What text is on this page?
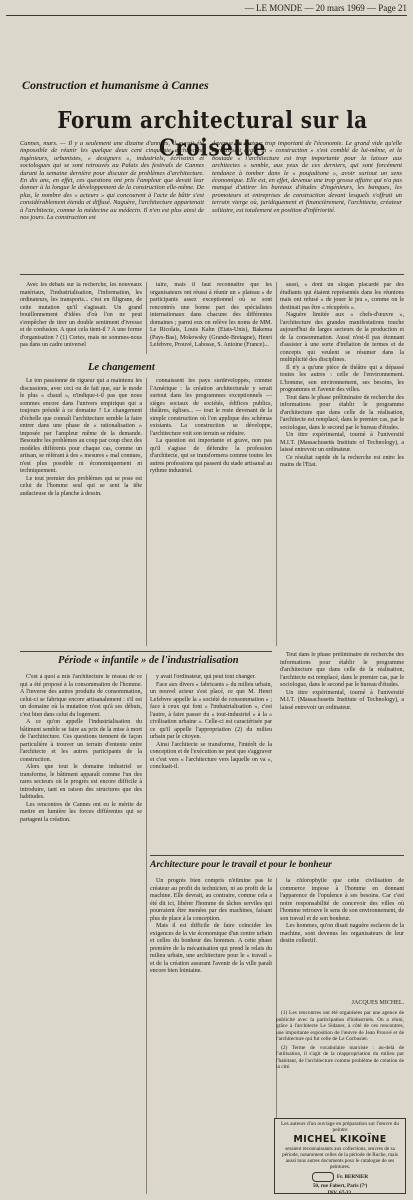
— LE MONDE — 20 mars 1969 — Page 21
Construction et humanisme à Cannes
Forum architectural sur la Croisette
Cannes, mars. — Il y a seulement une dizaine d'années, il aurait été impossible de réunir les quelque deux cent cinquante architectes, ingénieurs, urbanistes, « designers », industriels, écrivains et sociologues qui se sont retrouvés au Palais des festivals de Cannes durant la semaine dernière pour discuter de problèmes d'architecture. En dix ans, en effet, ces questions ont pris l'ampleur que devait leur donner à la longue le développement de la construction elle-même. De plus, le nombre des « acteurs » qui concourent à l'acte de bâtir s'est considérablement étendu et diffusé. Naguère, l'architecture appartenait à l'architecte, comme la médecine au médecin. Il n'en est plus ainsi de nos jours. La construction est
devenue un secteur trop important de l'économie. Le grand vide qu'elle connaissait avant la « construction » s'est comblé de lui-même, et la boutade « l'architecture est trop importante pour la laisser aux architectes » semble, aux yeux de ces derniers, qui sont forcément tendance à tomber dans le « poujadisme », avoir surtout un sens économique. Elle est, en effet, devenue une trop grosse affaire qui n'a pas manqué d'attirer les bureaux d'études d'ingénieurs, les banques, les promoteurs et entreprises de construction devant lesquels s'offrait un terrain vierge où, juridiquement et financièrement, l'architecte, créateur solitaire, est totalement en position d'infériorité.

Avec les débats sur la recherche, les nouveaux matériaux, l'industrialisation, l'information, les ordinateurs, les transports... c'est en filigrane, de cette mutation qu'il s'agissait. Un grand bouillonnement d'idées d'où l'on ne peut s'empêcher de tirer un double sentiment d'ivresse et de confusion. A quoi cela tient-il ? A une forme d'organisation ? (1) Certes, mais ne sommes-nous pas dans un cadre universel

taire, mais il faut reconnaître que les organisateurs ont réussi à réunir un « plateau » de participants assez exceptionnel où se sont rencontrés une bonne part des spécialistes internationaux dans chacune des différentes domaines ; parmi eux on relève les noms de MM. Le Ricolais, Louis Kahn (Etats-Unis), Bakema (Pays-Bas), Mokowsky (Grande-Bretagne), Henri Lefebvre, Prouvé, Labosse, S. Antoine (France)...

aussi, « dont un slogan placardé par des étudiants qui étaient représentés dans les réunions mais ont refusé « de jouer le jeu », comme on le destinait pas être « récupérés ».

Naguère limitée aux « chefs-d'œuvre », l'architecture des grandes manifestations touche aujourd'hui de larges secteurs de la production et de la consommation. Aussi n'est-il pas étonnant d'assister à une sorte d'inflation de termes et de concepts qui veulent se résumer dans la multiplicité des disciplines.

Il n'y a qu'une pièce de théâtre qui a dépassé toutes les autres : celle de l'environnement. L'homme, son environnement, ses besoins, les programmes et l'avenir des villes.

Tout dans le phase préliminaire de recherche des informations pour établir le programme d'architecture que dans celle de la réalisation, l'architecte est remplacé, dans le premier cas, par le sociologue, dans le second par le bureau d'études.

Un titre expérimental, tourné à l'université M.I.T. (Massachusetts Institute of Technology), a laissé entrevoir un ordinateur.

Ce résultat rapide de la recherche est entre les mains de l'Etat.

Le changement

Le ton passionné de rigueur qui a maintenu les discussions, avec ceci ou de fait que, sur le mode le plus « chaud », n'indique-t-il pas que nous sommes encore dans l'univers empirique qui a toujours présidé à ce domaine ? Le changement d'échelle que connaît l'architecture semble la faire entrer dans une phase de « rationalisation » imposée par l'ampleur même de la demande. Besoudre les problèmes au coup par coup chez des modèles différents pour chaque cas, comme un artisan, se référant à des « mesures » mal connues, n'est plus possible ni économiquement ni techniquement.

Le tout premier des problèmes qui se pose est celui de l'homme seul qui se sent la tête audacieuse de la planche à dessin.

connaissent les pays surdéveloppés, comme l'Amérique : la création architecturale y serait surtout dans les programmes exceptionnels — sièges sociaux de sociétés, édifices publics, théâtres, églises... — tout le reste devenant de la simple construction où l'on applique des schémas existants. La construction se développe, l'architecture voit son terrain se réduire.

La question est importante et grave, non pas qu'il s'agisse de défendre la profession d'architecte, qui se transformera comme toutes les autres professions qui passent du stade artisanal au rythme industriel.

Période « infantile » de l'industrialisation

C'est à quoi a mis l'architecture le réseau de ce qui a été proposé à la consommation de l'homme. A l'inverse des autres produits de consommation, celui-ci se fabrique encore artisanalement : s'il est un domaine où la mutation n'est qu'à ses débuts, c'est bien dans celui du logement.

A ce qu'on appelle l'industrialisation du bâtiment semble se faire au prix de la mise à mort de l'architecture. Ces questions tiennent de façon particulière à trouver un terrain d'entente entre l'architecte et les autres participants de la construction.

Alors que tout le domaine industriel se transforme, le bâtiment apparaît comme l'un des rares secteurs où le progrès est encore difficile à introduire, tant en raison des structures que des habitudes.

Les rencontres de Cannes ont eu le mérite de mettre en lumière les forces différentes qui se partagent la création.

y avait l'ordinateur, qui peut tout changer.

Face aux divers « fabricants » du milieu urbain, un nouvel acteur s'est placé, ce que M. Henri Lefebvre appelle la « société de consommation » ; face à ceux qui font « l'industrialisation », c'est l'autre, à faire passer du « tout-industriel » à la « civilisation urbaine ». Celle-ci est caractérisée par ce qu'il appelle l'appropriation (2) du milieu urbain par le citoyen.

Ainsi l'architecte se transforme, l'intérêt de la conception et de l'exécution ne peut que s'aggraver et c'est vers « l'architecture vers laquelle on va », concluait-il.

Tout dans le phase préliminaire de recherche des informations pour établir le programme d'architecture que dans celle de la réalisation, l'architecte est remplacé, dans le premier cas, par le sociologue, dans le second par le bureau d'études.

Un titre expérimental, tourné à l'université M.I.T. (Massachusetts Institute of Technology), a laissé entrevoir un ordinateur.

Architecture pour le travail et pour le bonheur

Un progrès bien compris n'élimine pas le créateur au profit du technicien, ni au profit de la machine. Elle devrait, au contraire, comme cela a été dit ici, libérer l'homme de tâches serviles qui pourraient être menées par des machines, faisant plus de place à la conception.

Mais il est difficile de faire coïncider les exigences de la vie économique d'un centre urbain et celles du bonheur des hommes. A cette phase première de la mécanisation qui prend le relais du milieu urbain, une architecture pour le « travail » et de la création assurant l'avenir de la ville paraît encore bien lointaine.

la chlorophylle que cette civilisation de commerce impose à l'homme en donnant l'apparence de l'opulence à ses besoins. Car c'est notre responsabilité de concevoir des villes où l'homme retrouve le sens de son environnement, de son travail et de son bonheur.

Les hommes, qu'on disait naguère esclaves de la machine, sont devenus les organisateurs de leur destin collectif.

JACQUES MICHEL.

(1) Les rencontres ont été organisées par une agence de publicité avec la participation d'industriels. On a réuni, grâce à l'architecte Le Sidaner, à côté de ces rencontres, une importante exposition de l'œuvre de Jean Prouvé et de l'architecture qui fut celle de Le Corbusier.

(2) Terme de vocabulaire marxiste : au-delà de l'utilisation, il s'agit de la réappropriation du milieu par l'habitant, de l'architecture comme problème de création de la cité.

Les auteurs d'un ouvrage en préparation sur l'œuvre du peintre
MICHEL KIKOÏNE
seraient reconnaissants aux collections, œuvres de sa période, notamment celles de la période de Ruche, mais aussi tous autres documents pour le catalogue de ses peintures.
Fr. BERNIER
50, rue Fabert, Paris (7ᵉ)
INV. 67-33.
